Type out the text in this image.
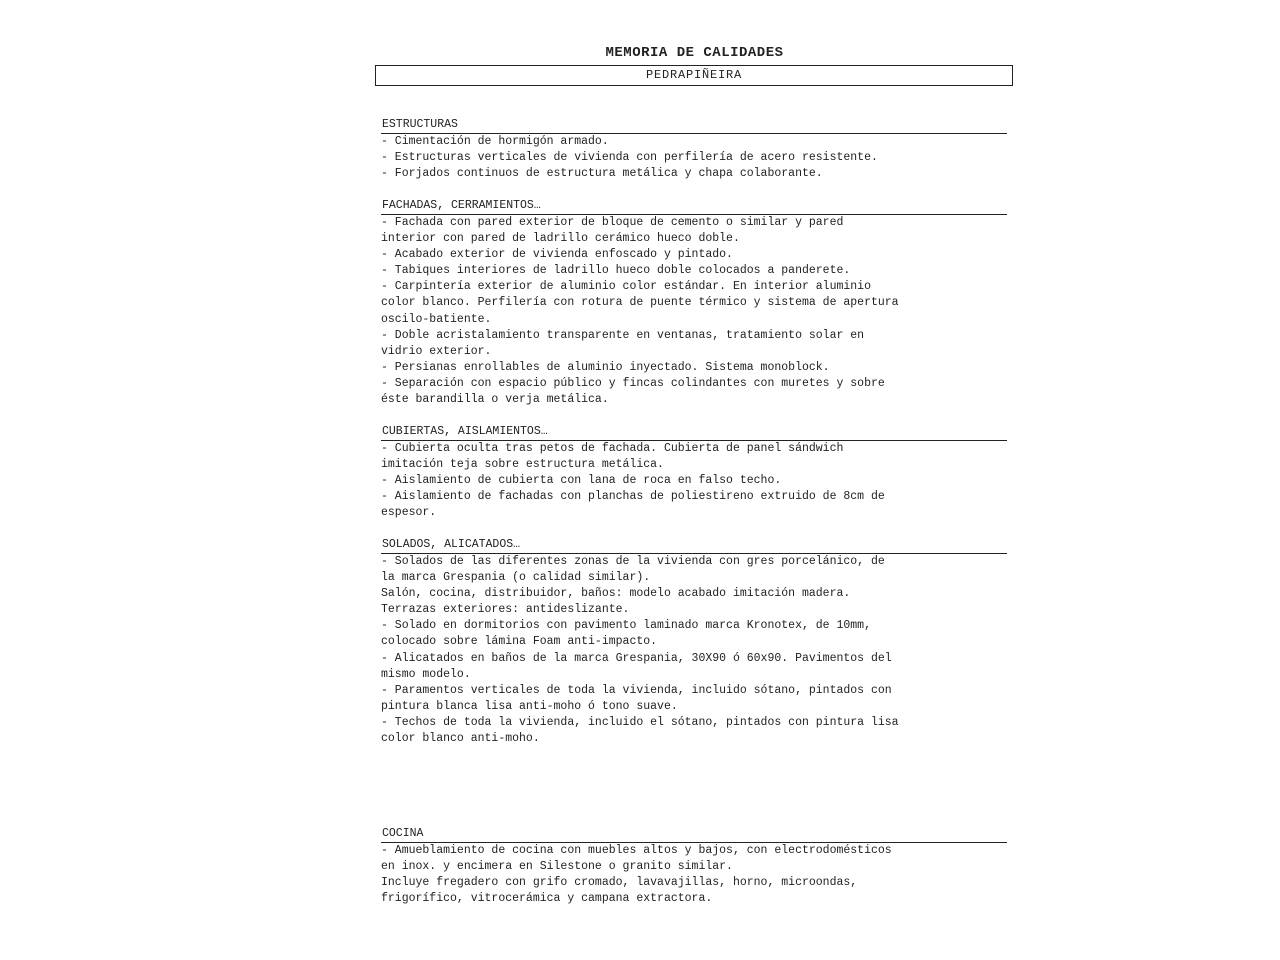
MEMORIA DE CALIDADES
PEDRAPIÑEIRA
ESTRUCTURAS
- Cimentación de hormigón armado.
- Estructuras verticales de vivienda con perfilería de acero resistente.
- Forjados continuos de estructura metálica y chapa colaborante.
FACHADAS, CERRAMIENTOS…
- Fachada con pared exterior de bloque de cemento o similar y pared
interior con pared de ladrillo cerámico hueco doble.
- Acabado exterior de vivienda enfoscado y pintado.
- Tabiques interiores de ladrillo hueco doble colocados a panderete.
- Carpintería exterior de aluminio color estándar. En interior aluminio
color blanco. Perfilería con rotura de puente térmico y sistema de apertura
oscilo-batiente.
- Doble acristalamiento transparente en ventanas, tratamiento solar en
vidrio exterior.
- Persianas enrollables de aluminio inyectado. Sistema monoblock.
- Separación con espacio público y fincas colindantes con muretes y sobre
éste barandilla o verja metálica.
CUBIERTAS, AISLAMIENTOS…
- Cubierta oculta tras petos de fachada. Cubierta de panel sándwich
imitación teja sobre estructura metálica.
- Aislamiento de cubierta con lana de roca en falso techo.
- Aislamiento de fachadas con planchas de poliestireno extruido de 8cm de
espesor.
SOLADOS, ALICATADOS…
- Solados de las diferentes zonas de la vivienda con gres porcelánico, de
la marca Grespania (o calidad similar).
Salón, cocina, distribuidor, baños: modelo acabado imitación madera.
Terrazas exteriores: antideslizante.
- Solado en dormitorios con pavimento laminado marca Kronotex, de 10mm,
colocado sobre lámina Foam anti-impacto.
- Alicatados en baños de la marca Grespania, 30X90 ó 60x90. Pavimentos del
mismo modelo.
- Paramentos verticales de toda la vivienda, incluido sótano, pintados con
pintura blanca lisa anti-moho ó tono suave.
- Techos de toda la vivienda, incluido el sótano, pintados con pintura lisa
color blanco anti-moho.
COCINA
- Amueblamiento de cocina con muebles altos y bajos, con electrodomésticos
en inox. y encimera en Silestone o granito similar.
Incluye fregadero con grifo cromado, lavavajillas, horno, microondas,
frigorífico, vitrocerámica y campana extractora.
